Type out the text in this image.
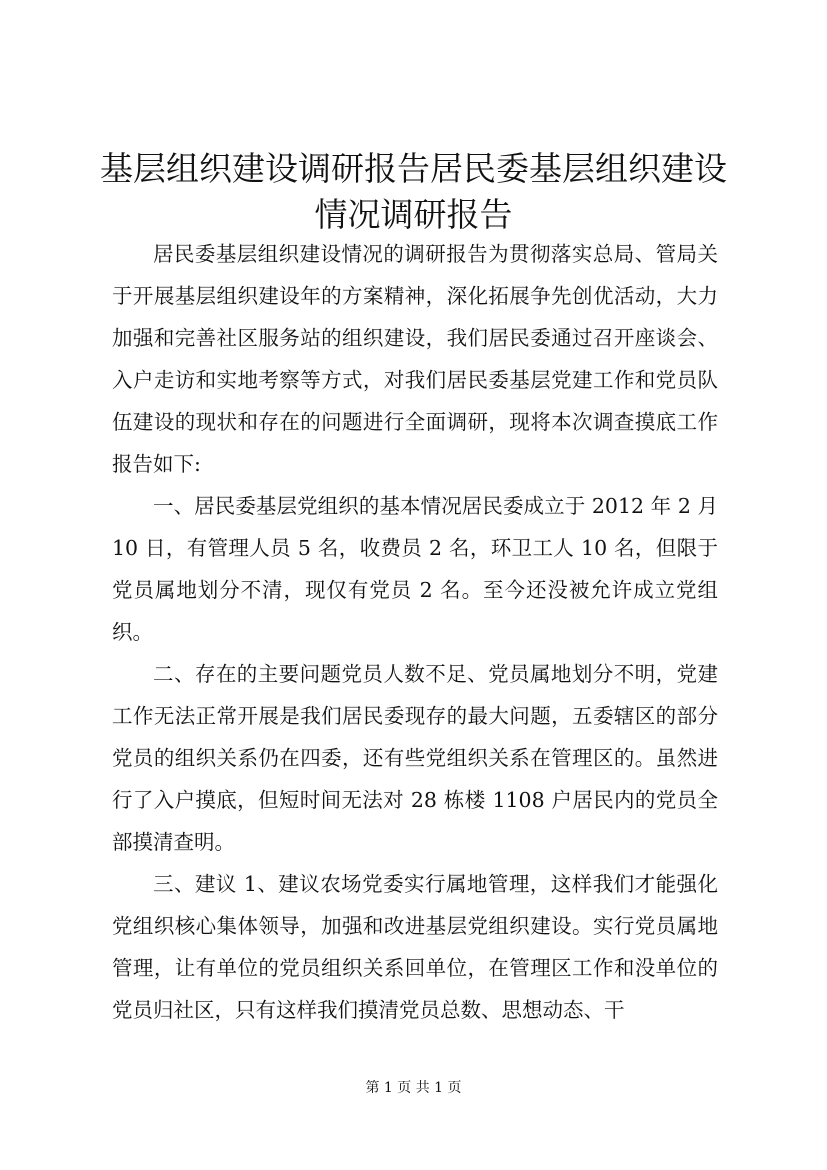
基层组织建设调研报告居民委基层组织建设情况调研报告

居民委基层组织建设情况的调研报告为贯彻落实总局、管局关于开展基层组织建设年的方案精神，深化拓展争先创优活动，大力加强和完善社区服务站的组织建设，我们居民委通过召开座谈会、入户走访和实地考察等方式，对我们居民委基层党建工作和党员队伍建设的现状和存在的问题进行全面调研，现将本次调查摸底工作报告如下:

一、居民委基层党组织的基本情况居民委成立于 2012 年 2 月 10 日，有管理人员 5 名，收费员 2 名，环卫工人 10 名，但限于党员属地划分不清，现仅有党员 2 名。至今还没被允许成立党组织。

二、存在的主要问题党员人数不足、党员属地划分不明，党建工作无法正常开展是我们居民委现存的最大问题，五委辖区的部分党员的组织关系仍在四委，还有些党组织关系在管理区的。虽然进行了入户摸底，但短时间无法对 28 栋楼 1108 户居民内的党员全部摸清查明。

三、建议 1、建议农场党委实行属地管理，这样我们才能强化党组织核心集体领导，加强和改进基层党组织建设。实行党员属地管理，让有单位的党员组织关系回单位，在管理区工作和没单位的党员归社区，只有这样我们摸清党员总数、思想动态、干

第 1 页 共 1 页
